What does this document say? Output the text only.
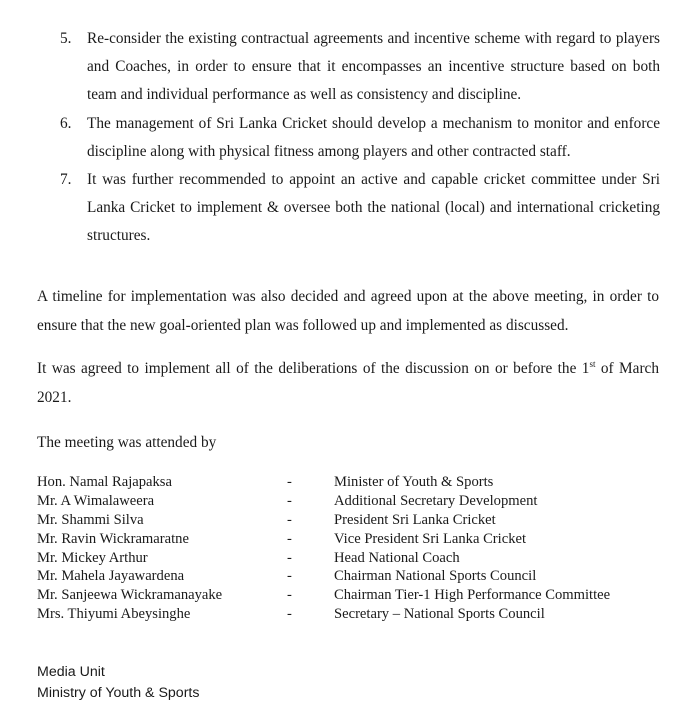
5. Re-consider the existing contractual agreements and incentive scheme with regard to players and Coaches, in order to ensure that it encompasses an incentive structure based on both team and individual performance as well as consistency and discipline.
6. The management of Sri Lanka Cricket should develop a mechanism to monitor and enforce discipline along with physical fitness among players and other contracted staff.
7. It was further recommended to appoint an active and capable cricket committee under Sri Lanka Cricket to implement & oversee both the national (local) and international cricketing structures.

A timeline for implementation was also decided and agreed upon at the above meeting, in order to ensure that the new goal-oriented plan was followed up and implemented as discussed.

It was agreed to implement all of the deliberations of the discussion on or before the 1st of March 2021.

The meeting was attended by

Hon. Namal Rajapaksa	-	Minister of Youth & Sports
Mr. A Wimalaweera	-	Additional Secretary Development
Mr. Shammi Silva	-	President Sri Lanka Cricket
Mr. Ravin Wickramaratne	-	Vice President Sri Lanka Cricket
Mr. Mickey Arthur	-	Head National Coach
Mr. Mahela Jayawardena	-	Chairman National Sports Council
Mr. Sanjeewa Wickramanayake	-	Chairman Tier-1 High Performance Committee
Mrs. Thiyumi Abeysinghe	-	Secretary – National Sports Council
Media Unit
Ministry of Youth & Sports
